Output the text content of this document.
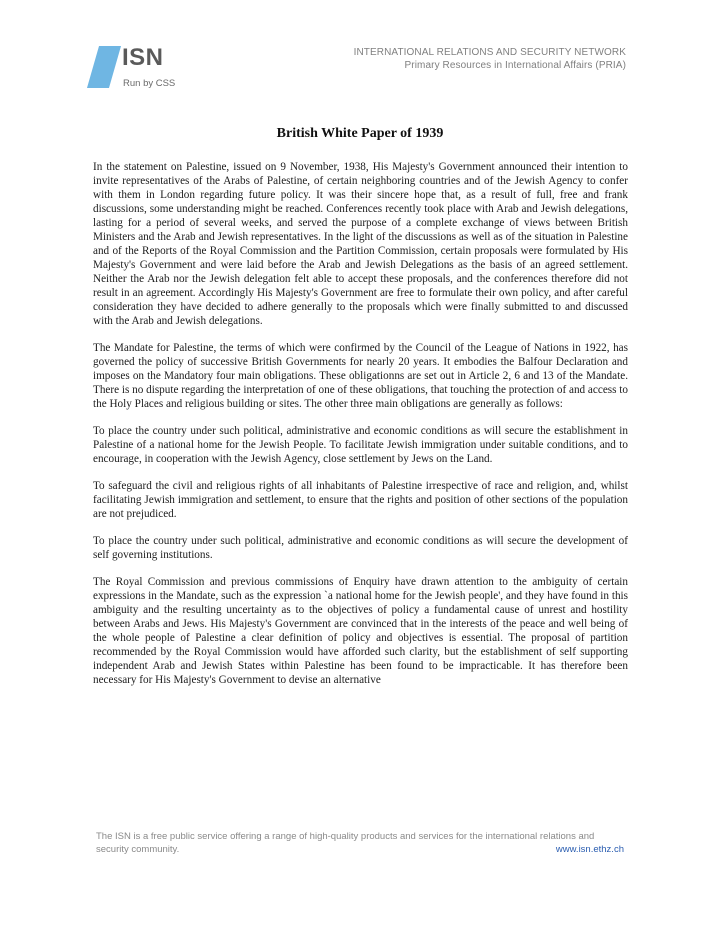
ISN
Run by CSS
INTERNATIONAL RELATIONS AND SECURITY NETWORK
Primary Resources in International Affairs (PRIA)
British White Paper of 1939

In the statement on Palestine, issued on 9 November, 1938, His Majesty's Government announced their intention to invite representatives of the Arabs of Palestine, of certain neighboring countries and of the Jewish Agency to confer with them in London regarding future policy. It was their sincere hope that, as a result of full, free and frank discussions, some understanding might be reached. Conferences recently took place with Arab and Jewish delegations, lasting for a period of several weeks, and served the purpose of a complete exchange of views between British Ministers and the Arab and Jewish representatives. In the light of the discussions as well as of the situation in Palestine and of the Reports of the Royal Commission and the Partition Commission, certain proposals were formulated by His Majesty's Government and were laid before the Arab and Jewish Delegations as the basis of an agreed settlement. Neither the Arab nor the Jewish delegation felt able to accept these proposals, and the conferences therefore did not result in an agreement. Accordingly His Majesty's Government are free to formulate their own policy, and after careful consideration they have decided to adhere generally to the proposals which were finally submitted to and discussed with the Arab and Jewish delegations.

The Mandate for Palestine, the terms of which were confirmed by the Council of the League of Nations in 1922, has governed the policy of successive British Governments for nearly 20 years. It embodies the Balfour Declaration and imposes on the Mandatory four main obligations. These obligationns are set out in Article 2, 6 and 13 of the Mandate. There is no dispute regarding the interpretation of one of these obligations, that touching the protection of and access to the Holy Places and religious building or sites. The other three main obligations are generally as follows:

To place the country under such political, administrative and economic conditions as will secure the establishment in Palestine of a national home for the Jewish People. To facilitate Jewish immigration under suitable conditions, and to encourage, in cooperation with the Jewish Agency, close settlement by Jews on the Land.

To safeguard the civil and religious rights of all inhabitants of Palestine irrespective of race and religion, and, whilst facilitating Jewish immigration and settlement, to ensure that the rights and position of other sections of the population are not prejudiced.

To place the country under such political, administrative and economic conditions as will secure the development of self governing institutions.

The Royal Commission and previous commissions of Enquiry have drawn attention to the ambiguity of certain expressions in the Mandate, such as the expression `a national home for the Jewish people', and they have found in this ambiguity and the resulting uncertainty as to the objectives of policy a fundamental cause of unrest and hostility between Arabs and Jews. His Majesty's Government are convinced that in the interests of the peace and well being of the whole people of Palestine a clear definition of policy and objectives is essential. The proposal of partition recommended by the Royal Commission would have afforded such clarity, but the establishment of self supporting independent Arab and Jewish States within Palestine has been found to be impracticable. It has therefore been necessary for His Majesty's Government to devise an alternative

The ISN is a free public service offering a range of high-quality products and services for the international relations and security community.	www.isn.ethz.ch
